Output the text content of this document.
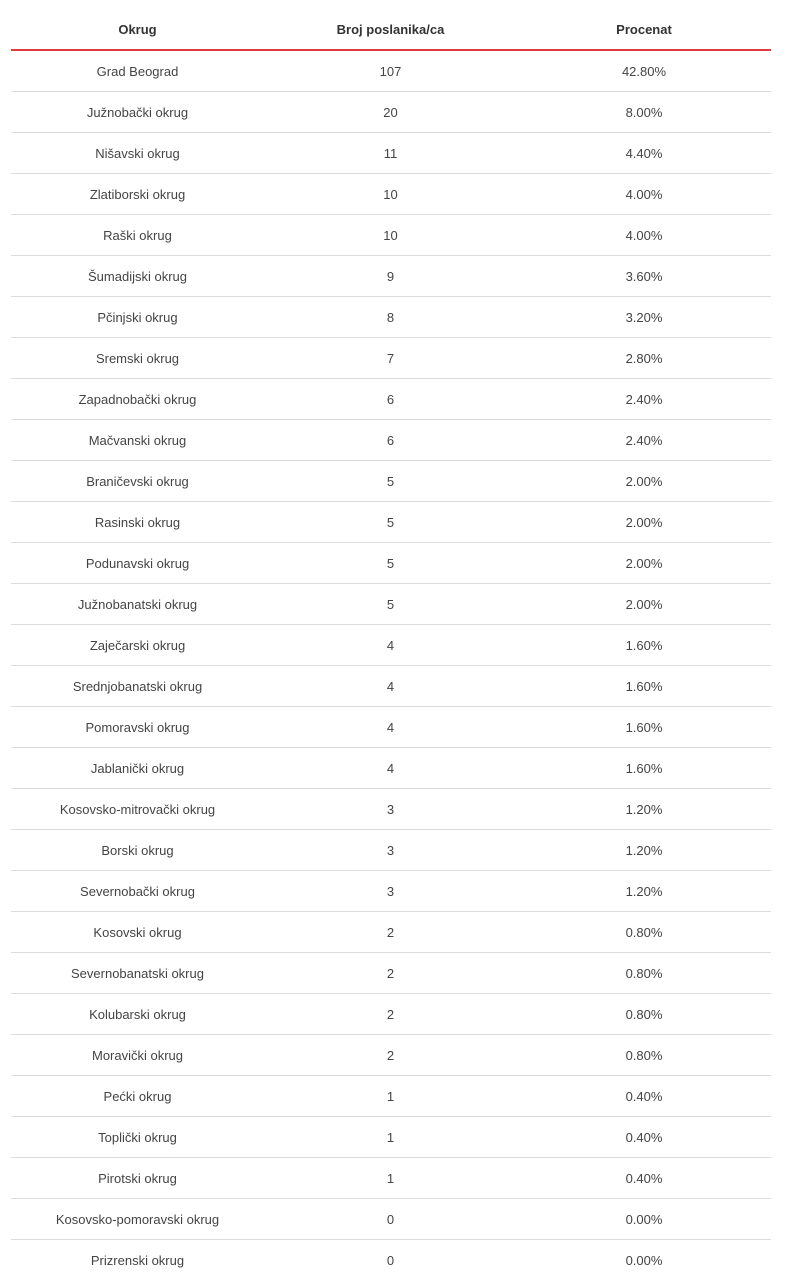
Okrug	Broj poslanika/ca	Procenat
Grad Beograd	107	42.80%
Južnobački okrug	20	8.00%
Nišavski okrug	11	4.40%
Zlatiborski okrug	10	4.00%
Raški okrug	10	4.00%
Šumadijski okrug	9	3.60%
Pčinjski okrug	8	3.20%
Sremski okrug	7	2.80%
Zapadnobački okrug	6	2.40%
Mačvanski okrug	6	2.40%
Braničevski okrug	5	2.00%
Rasinski okrug	5	2.00%
Podunavski okrug	5	2.00%
Južnobanatski okrug	5	2.00%
Zaječarski okrug	4	1.60%
Srednjobanatski okrug	4	1.60%
Pomoravski okrug	4	1.60%
Jablanički okrug	4	1.60%
Kosovsko-mitrovački okrug	3	1.20%
Borski okrug	3	1.20%
Severnobački okrug	3	1.20%
Kosovski okrug	2	0.80%
Severnobanatski okrug	2	0.80%
Kolubarski okrug	2	0.80%
Moravički okrug	2	0.80%
Pećki okrug	1	0.40%
Toplički okrug	1	0.40%
Pirotski okrug	1	0.40%
Kosovsko-pomoravski okrug	0	0.00%
Prizrenski okrug	0	0.00%
